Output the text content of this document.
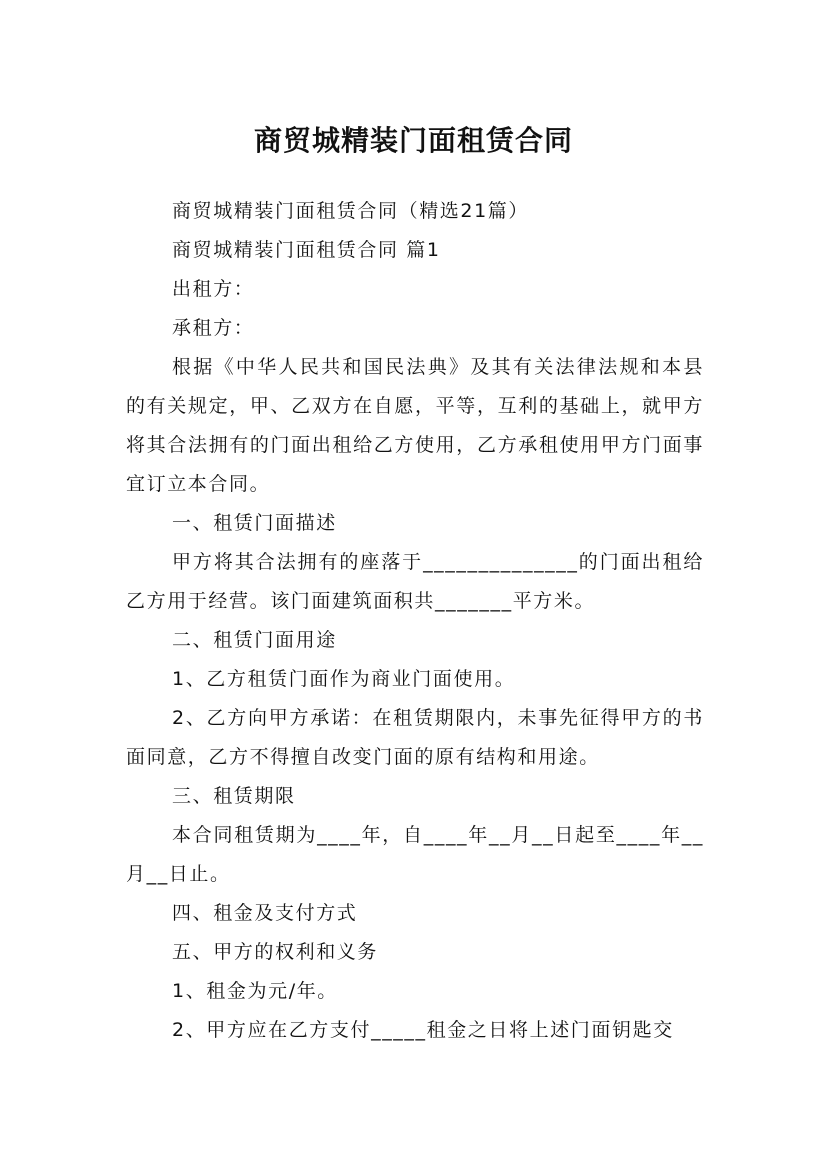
商贸城精装门面租赁合同

商贸城精装门面租赁合同（精选21篇）

商贸城精装门面租赁合同 篇1

出租方：

承租方：

根据《中华人民共和国民法典》及其有关法律法规和本县的有关规定，甲、乙双方在自愿，平等，互利的基础上，就甲方将其合法拥有的门面出租给乙方使用，乙方承租使用甲方门面事宜订立本合同。

一、租赁门面描述

甲方将其合法拥有的座落于______________的门面出租给乙方用于经营。该门面建筑面积共_______平方米。

二、租赁门面用途

1、乙方租赁门面作为商业门面使用。

2、乙方向甲方承诺：在租赁期限内，未事先征得甲方的书面同意，乙方不得擅自改变门面的原有结构和用途。

三、租赁期限

本合同租赁期为____年，自____年__月__日起至____年__月__日止。

四、租金及支付方式

五、甲方的权利和义务

1、租金为元/年。

2、甲方应在乙方支付_____租金之日将上述门面钥匙交
